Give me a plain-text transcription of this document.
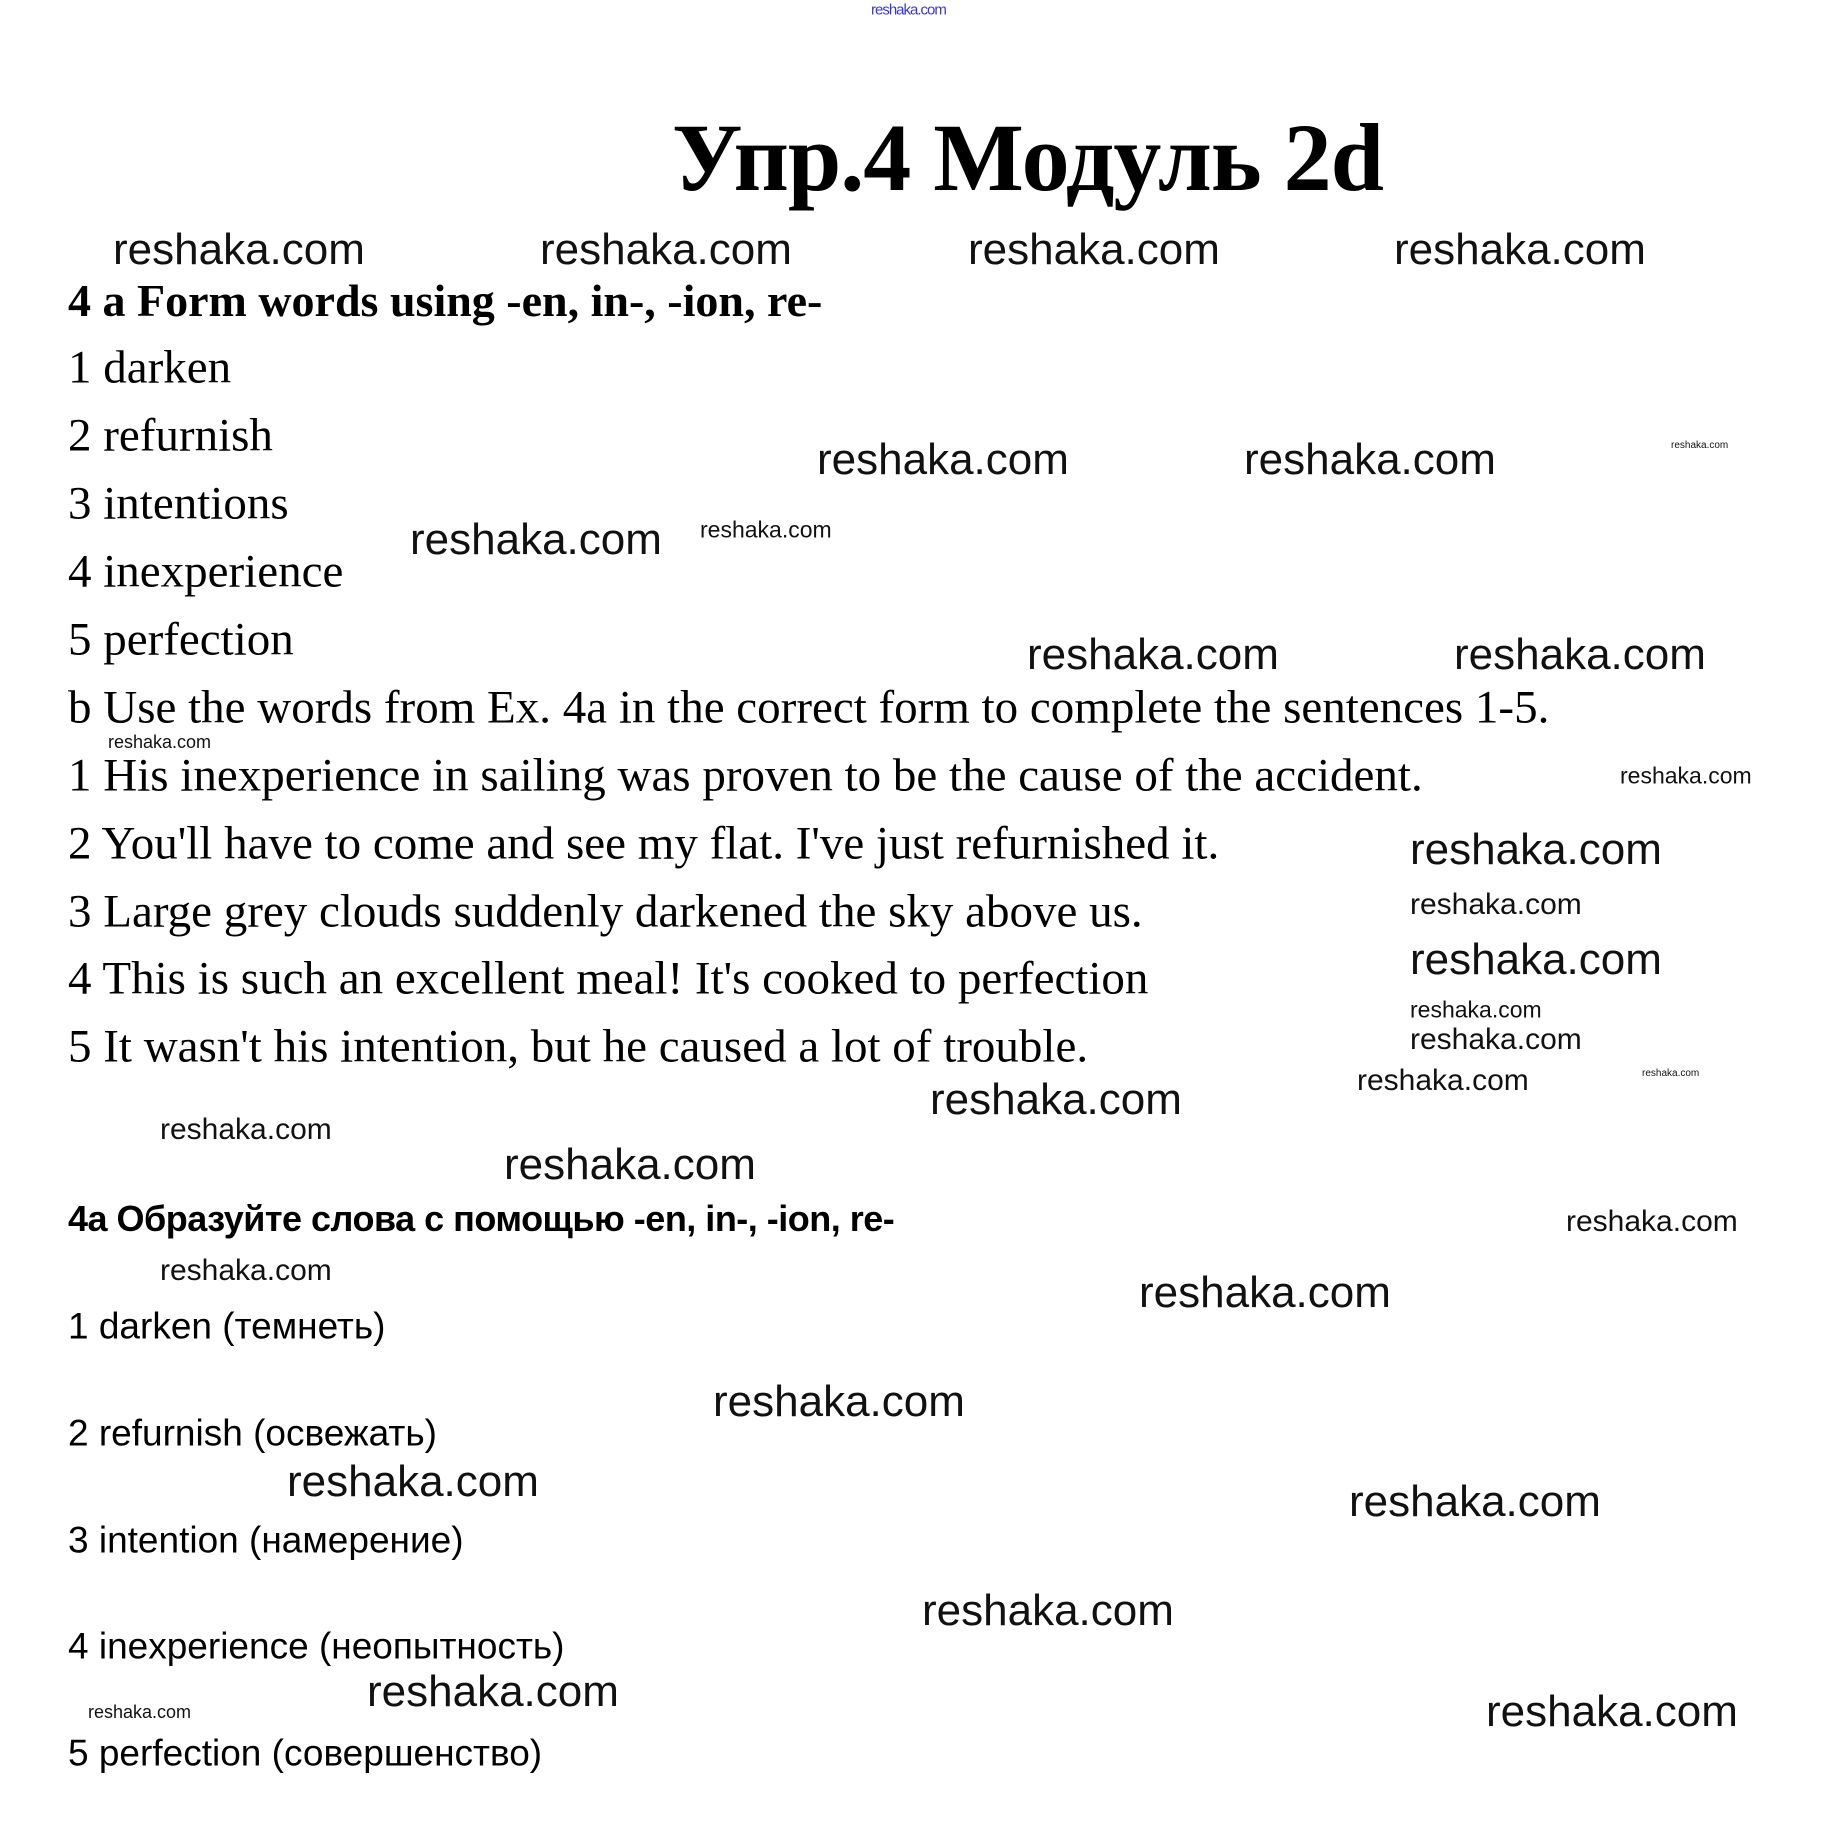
reshaka.com
Упр.4 Модуль 2d
4 a Form words using -en, in-, -ion, re-
1 darken
2 refurnish
3 intentions
4 inexperience
5 perfection
b Use the words from Ex. 4a in the correct form to complete the sentences 1-5.
1 His inexperience in sailing was proven to be the cause of the accident.
2 You'll have to come and see my flat. I've just refurnished it.
3 Large grey clouds suddenly darkened the sky above us.
4 This is such an excellent meal! It's cooked to perfection
5 It wasn't his intention, but he caused a lot of trouble.
4a Образуйте слова с помощью -en, in-, -ion, re-
1 darken (темнеть)
2 refurnish (освежать)
3 intention (намерение)
4 inexperience (неопытность)
5 perfection (совершенство)
reshaka.com	reshaka.com	reshaka.com	reshaka.com
reshaka.com	reshaka.com	reshaka.com
reshaka.com
reshaka.com
reshaka.com	reshaka.com
reshaka.com
reshaka.com
reshaka.com
reshaka.com
reshaka.com
reshaka.com
reshaka.com
reshaka.com	reshaka.com	reshaka.com
reshaka.com
reshaka.com
reshaka.com
reshaka.com	reshaka.com
reshaka.com
reshaka.com	reshaka.com
reshaka.com
reshaka.com
reshaka.com	reshaka.com
